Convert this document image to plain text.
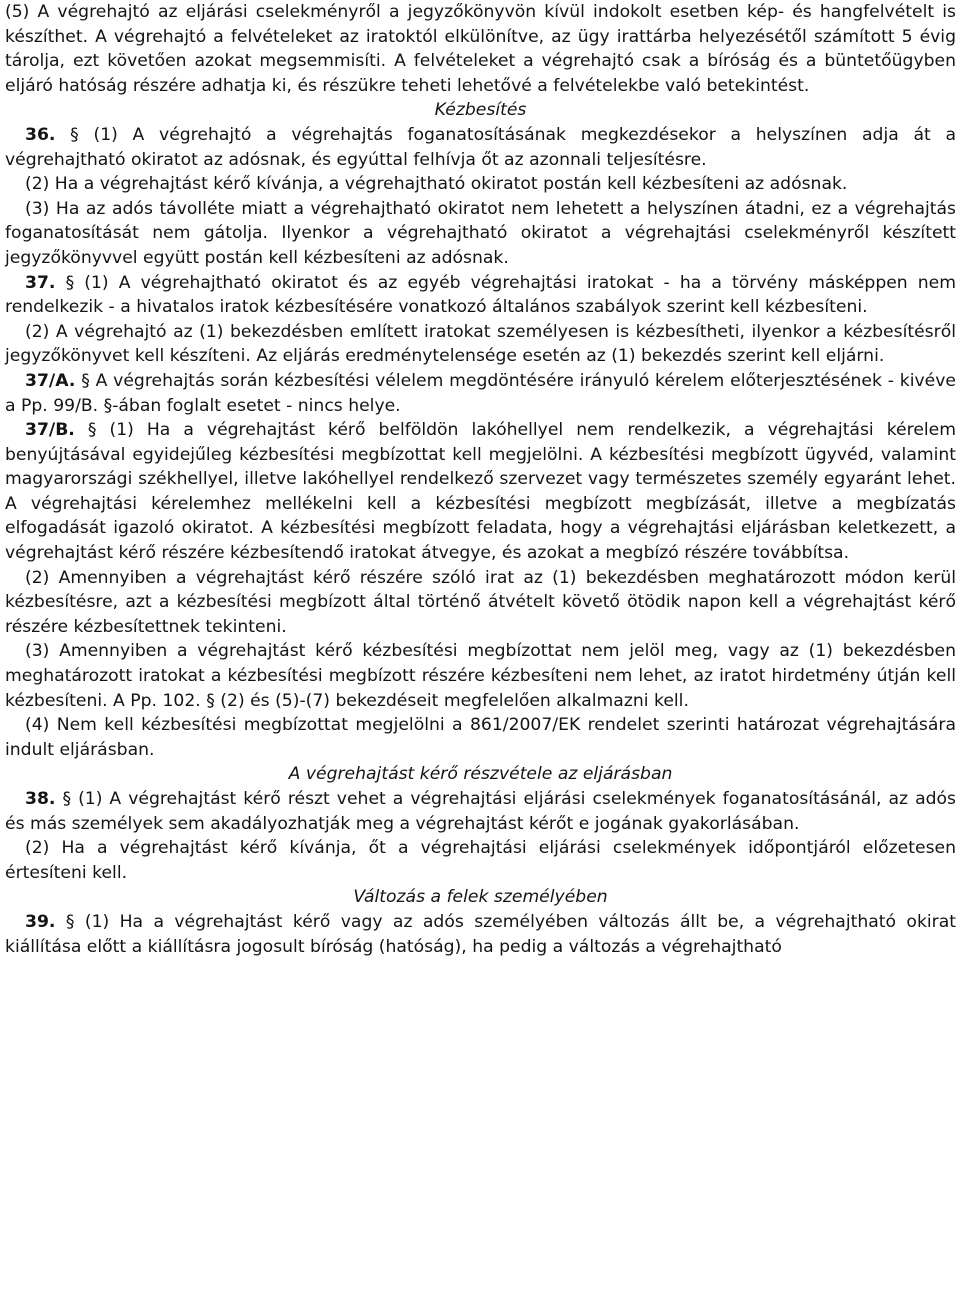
(5) A végrehajtó az eljárási cselekményről a jegyzőkönyvön kívül indokolt esetben kép- és hangfelvételt is készíthet. A végrehajtó a felvételeket az iratoktól elkülönítve, az ügy irattárba helyezésétől számított 5 évig tárolja, ezt követően azokat megsemmisíti. A felvételeket a végrehajtó csak a bíróság és a büntetőügyben eljáró hatóság részére adhatja ki, és részükre teheti lehetővé a felvételekbe való betekintést.

Kézbesítés

36. § (1) A végrehajtó a végrehajtás foganatosításának megkezdésekor a helyszínen adja át a végrehajtható okiratot az adósnak, és egyúttal felhívja őt az azonnali teljesítésre.

(2) Ha a végrehajtást kérő kívánja, a végrehajtható okiratot postán kell kézbesíteni az adósnak.

(3) Ha az adós távolléte miatt a végrehajtható okiratot nem lehetett a helyszínen átadni, ez a végrehajtás foganatosítását nem gátolja. Ilyenkor a végrehajtható okiratot a végrehajtási cselekményről készített jegyzőkönyvvel együtt postán kell kézbesíteni az adósnak.

37. § (1) A végrehajtható okiratot és az egyéb végrehajtási iratokat - ha a törvény másképpen nem rendelkezik - a hivatalos iratok kézbesítésére vonatkozó általános szabályok szerint kell kézbesíteni.

(2) A végrehajtó az (1) bekezdésben említett iratokat személyesen is kézbesítheti, ilyenkor a kézbesítésről jegyzőkönyvet kell készíteni. Az eljárás eredménytelensége esetén az (1) bekezdés szerint kell eljárni.

37/A. § A végrehajtás során kézbesítési vélelem megdöntésére irányuló kérelem előterjesztésének - kivéve a Pp. 99/B. §-ában foglalt esetet - nincs helye.

37/B. § (1) Ha a végrehajtást kérő belföldön lakóhellyel nem rendelkezik, a végrehajtási kérelem benyújtásával egyidejűleg kézbesítési megbízottat kell megjelölni. A kézbesítési megbízott ügyvéd, valamint magyarországi székhellyel, illetve lakóhellyel rendelkező szervezet vagy természetes személy egyaránt lehet. A végrehajtási kérelemhez mellékelni kell a kézbesítési megbízott megbízását, illetve a megbízatás elfogadását igazoló okiratot. A kézbesítési megbízott feladata, hogy a végrehajtási eljárásban keletkezett, a végrehajtást kérő részére kézbesítendő iratokat átvegye, és azokat a megbízó részére továbbítsa.

(2) Amennyiben a végrehajtást kérő részére szóló irat az (1) bekezdésben meghatározott módon kerül kézbesítésre, azt a kézbesítési megbízott által történő átvételt követő ötödik napon kell a végrehajtást kérő részére kézbesítettnek tekinteni.

(3) Amennyiben a végrehajtást kérő kézbesítési megbízottat nem jelöl meg, vagy az (1) bekezdésben meghatározott iratokat a kézbesítési megbízott részére kézbesíteni nem lehet, az iratot hirdetmény útján kell kézbesíteni. A Pp. 102. § (2) és (5)-(7) bekezdéseit megfelelően alkalmazni kell.

(4) Nem kell kézbesítési megbízottat megjelölni a 861/2007/EK rendelet szerinti határozat végrehajtására indult eljárásban.

A végrehajtást kérő részvétele az eljárásban

38. § (1) A végrehajtást kérő részt vehet a végrehajtási eljárási cselekmények foganatosításánál, az adós és más személyek sem akadályozhatják meg a végrehajtást kérőt e jogának gyakorlásában.

(2) Ha a végrehajtást kérő kívánja, őt a végrehajtási eljárási cselekmények időpontjáról előzetesen értesíteni kell.

Változás a felek személyében

39. § (1) Ha a végrehajtást kérő vagy az adós személyében változás állt be, a végrehajtható okirat kiállítása előtt a kiállításra jogosult bíróság (hatóság), ha pedig a változás a végrehajtható
